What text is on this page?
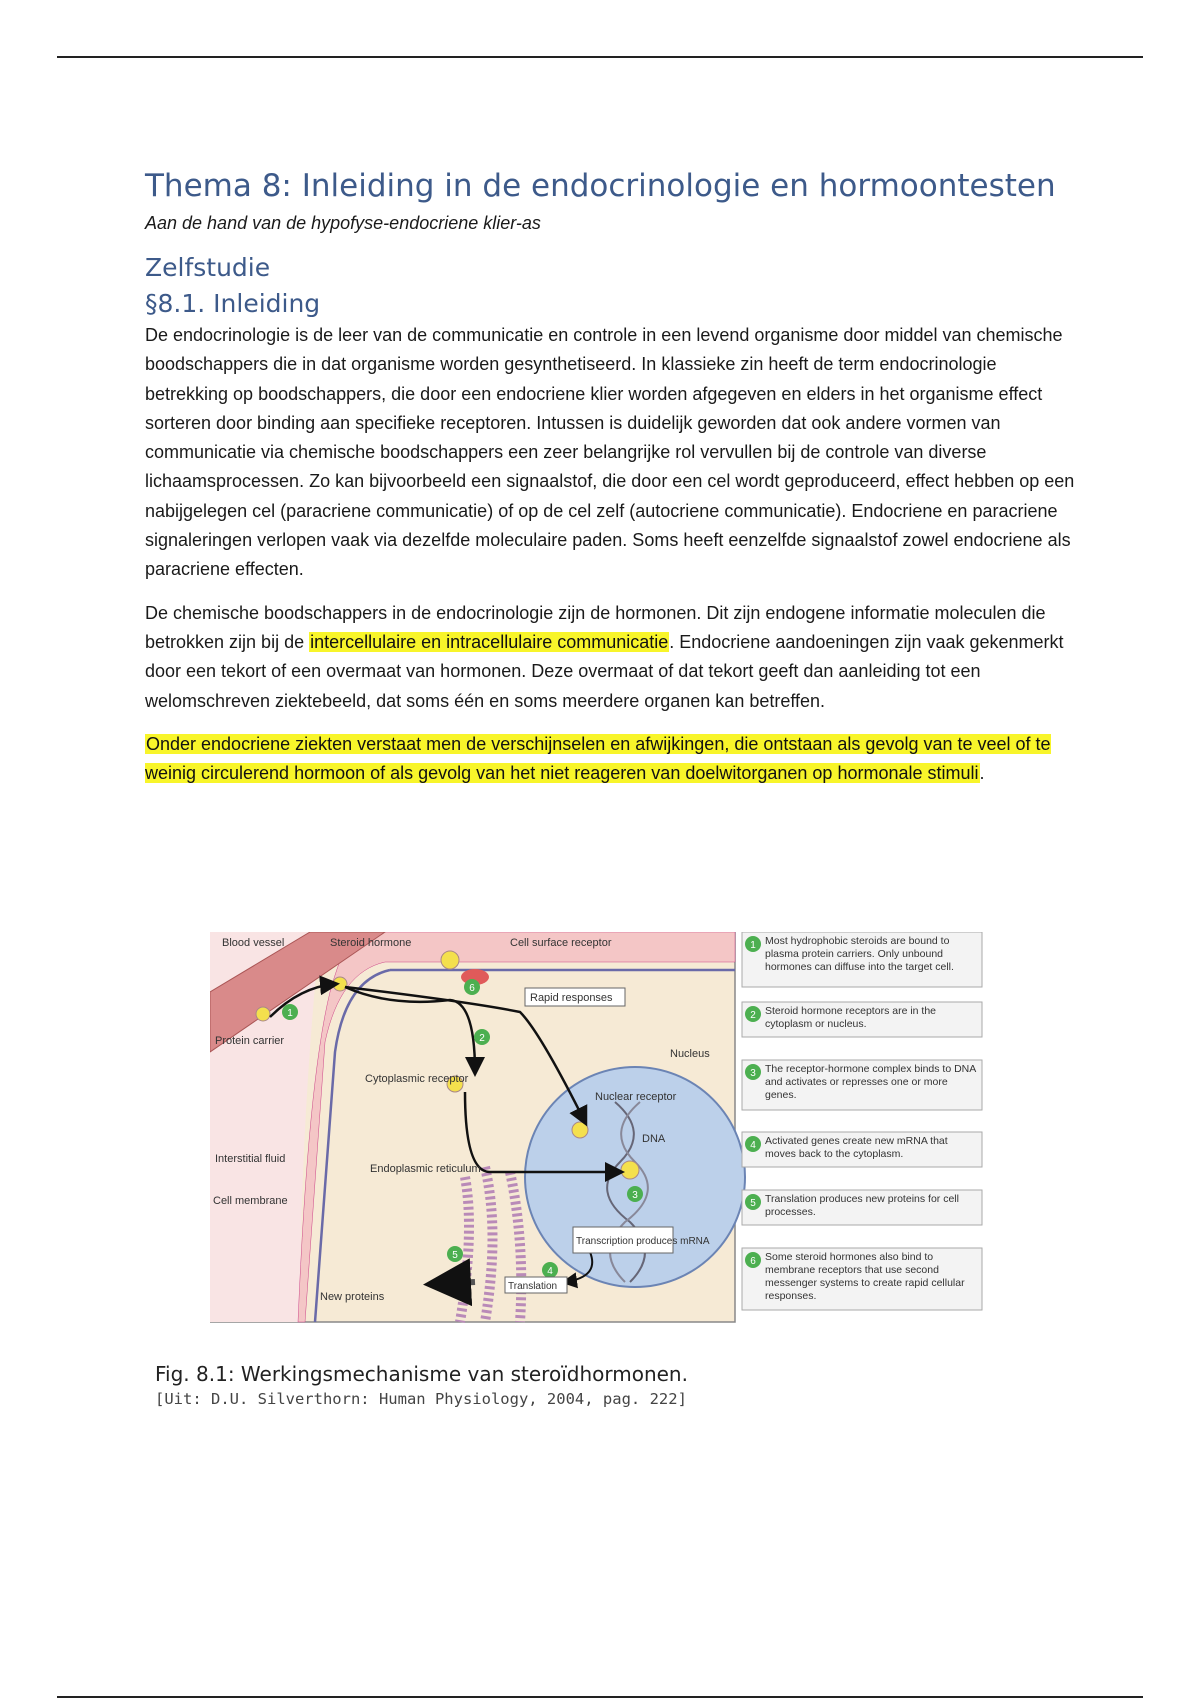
Thema 8: Inleiding in de endocrinologie en hormoontesten
Aan de hand van de hypofyse-endocriene klier-as
Zelfstudie
§8.1. Inleiding

De endocrinologie is de leer van de communicatie en controle in een levend organisme door middel van chemische boodschappers die in dat organisme worden gesynthetiseerd. In klassieke zin heeft de term endocrinologie betrekking op boodschappers, die door een endocriene klier worden afgegeven en elders in het organisme effect sorteren door binding aan specifieke receptoren. Intussen is duidelijk geworden dat ook andere vormen van communicatie via chemische boodschappers een zeer belangrijke rol vervullen bij de controle van diverse lichaamsprocessen. Zo kan bijvoorbeeld een signaalstof, die door een cel wordt geproduceerd, effect hebben op een nabijgelegen cel (paracriene communicatie) of op de cel zelf (autocriene communicatie). Endocriene en paracriene signaleringen verlopen vaak via dezelfde moleculaire paden. Soms heeft eenzelfde signaalstof zowel endocriene als paracriene effecten.

De chemische boodschappers in de endocrinologie zijn de hormonen. Dit zijn endogene informatie moleculen die betrokken zijn bij de intercellulaire en intracellulaire communicatie. Endocriene aandoeningen zijn vaak gekenmerkt door een tekort of een overmaat van hormonen. Deze overmaat of dat tekort geeft dan aanleiding tot een welomschreven ziektebeeld, dat soms één en soms meerdere organen kan betreffen.

Onder endocriene ziekten verstaat men de verschijnselen en afwijkingen, die ontstaan als gevolg van te veel of te weinig circulerend hormoon of als gevolg van het niet reageren van doelwitorganen op hormonale stimuli.

1
2
3
4
5
6
Blood vessel	Steroid hormone	Cell surface receptor
Rapid responses
Protein carrier
Nucleus
Cytoplasmic receptor
Nuclear receptor
DNA
Interstitial fluid
Cell membrane
Endoplasmic reticulum
Transcription produces mRNA
Translation
New proteins
1 Most hydrophobic steroids are bound to plasma protein carriers. Only unbound hormones can diffuse into the target cell.
2 Steroid hormone receptors are in the cytoplasm or nucleus.
3 The receptor-hormone complex binds to DNA and activates or represses one or more genes.
4 Activated genes create new mRNA that moves back to the cytoplasm.
5 Translation produces new proteins for cell processes.
6 Some steroid hormones also bind to membrane receptors that use second messenger systems to create rapid cellular responses.
Fig. 8.1: Werkingsmechanisme van steroïdhormonen.
[Uit: D.U. Silverthorn: Human Physiology, 2004, pag. 222]
